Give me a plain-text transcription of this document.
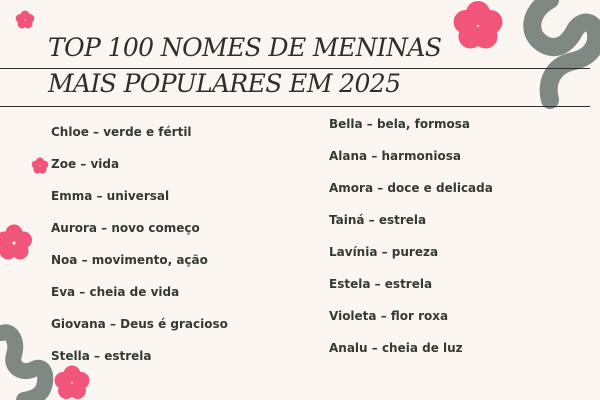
TOP 100 NOMES DE MENINAS
MAIS POPULARES EM 2025
Chloe – verde e fértil
Zoe – vida
Emma – universal
Aurora – novo começo
Noa – movimento, ação
Eva – cheia de vida
Giovana – Deus é gracioso
Stella – estrela
Bella – bela, formosa
Alana – harmoniosa
Amora – doce e delicada
Tainá – estrela
Lavínia – pureza
Estela – estrela
Violeta – flor roxa
Analu – cheia de luz
